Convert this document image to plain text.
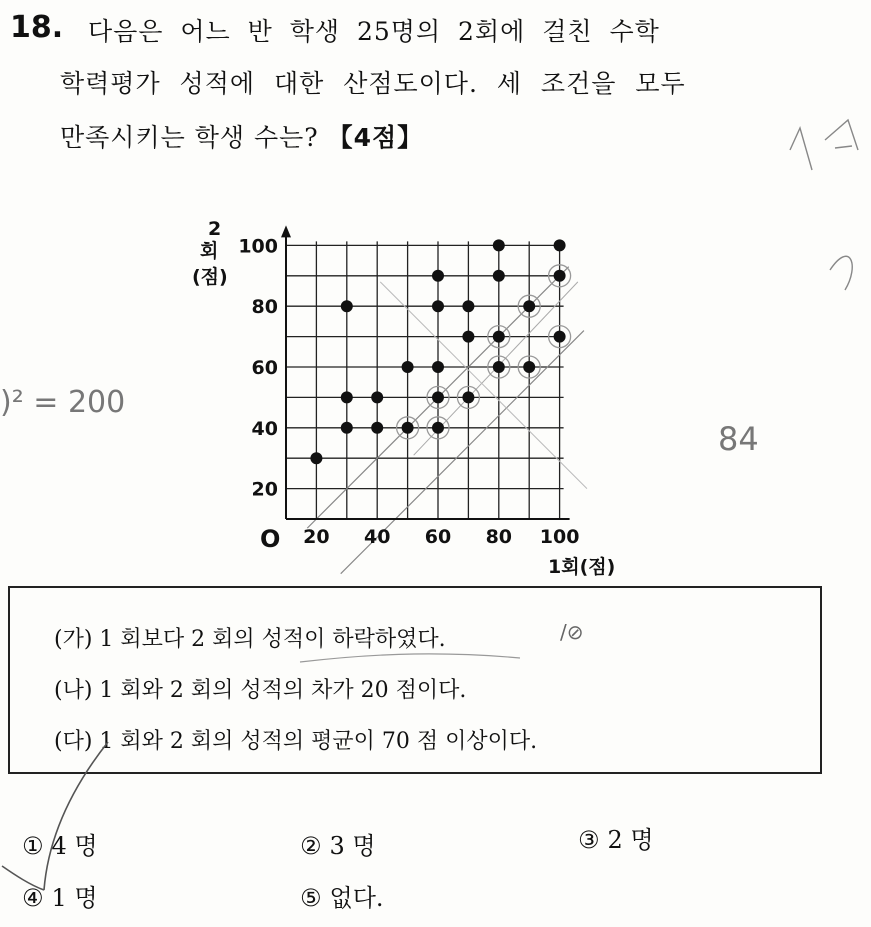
18. 다음은 어느 반 학생 25명의 2회에 걸친 수학
학력평가 성적에 대한 산점도이다. 세 조건을 모두
만족시키는 학생 수는? 【4점】
20 40 60 80 100
100
80
60
40
20
O
2
회
(점)
1회(점)
)² = 200
84
(가) 1 회보다 2 회의 성적이 하락하였다.
(나) 1 회와 2 회의 성적의 차가 20 점이다.
(다) 1 회와 2 회의 성적의 평균이 70 점 이상이다.
/⊘
① 4 명	② 3 명	③ 2 명
④ 1 명	⑤ 없다.
